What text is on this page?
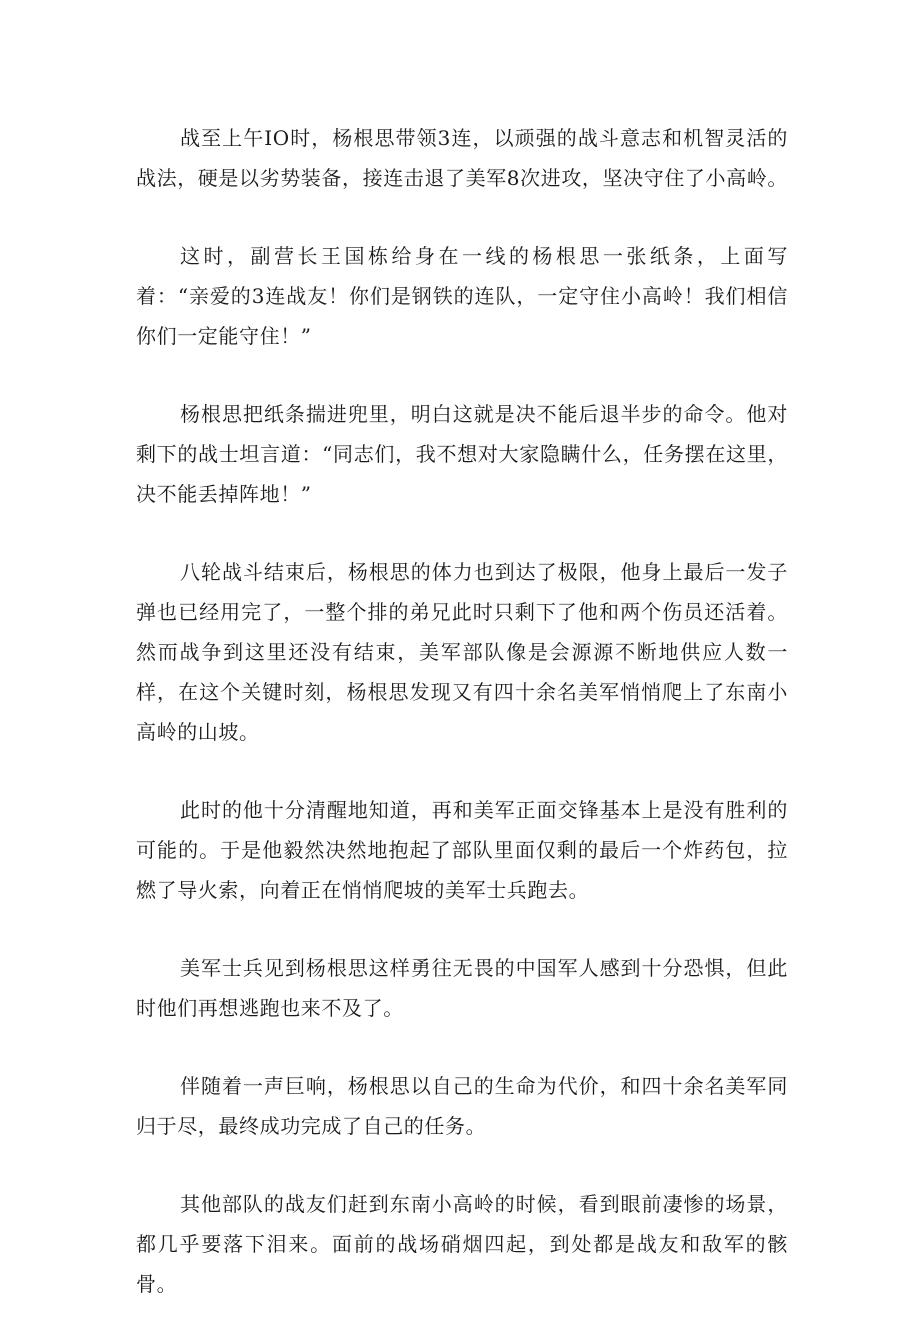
战至上午IO时，杨根思带领3连，以顽强的战斗意志和机智灵活的战法，硬是以劣势装备，接连击退了美军8次进攻，坚决守住了小高岭。

这时，副营长王国栋给身在一线的杨根思一张纸条，上面写着：“亲爱的3连战友！你们是钢铁的连队，一定守住小高岭！我们相信你们一定能守住！”

杨根思把纸条揣进兜里，明白这就是决不能后退半步的命令。他对剩下的战士坦言道：“同志们，我不想对大家隐瞒什么，任务摆在这里，决不能丢掉阵地！”

八轮战斗结束后，杨根思的体力也到达了极限，他身上最后一发子弹也已经用完了，一整个排的弟兄此时只剩下了他和两个伤员还活着。然而战争到这里还没有结束，美军部队像是会源源不断地供应人数一样，在这个关键时刻，杨根思发现又有四十余名美军悄悄爬上了东南小高岭的山坡。

此时的他十分清醒地知道，再和美军正面交锋基本上是没有胜利的可能的。于是他毅然决然地抱起了部队里面仅剩的最后一个炸药包，拉燃了导火索，向着正在悄悄爬坡的美军士兵跑去。

美军士兵见到杨根思这样勇往无畏的中国军人感到十分恐惧，但此时他们再想逃跑也来不及了。

伴随着一声巨响，杨根思以自己的生命为代价，和四十余名美军同归于尽，最终成功完成了自己的任务。

其他部队的战友们赶到东南小高岭的时候，看到眼前凄惨的场景，都几乎要落下泪来。面前的战场硝烟四起，到处都是战友和敌军的骸骨。
